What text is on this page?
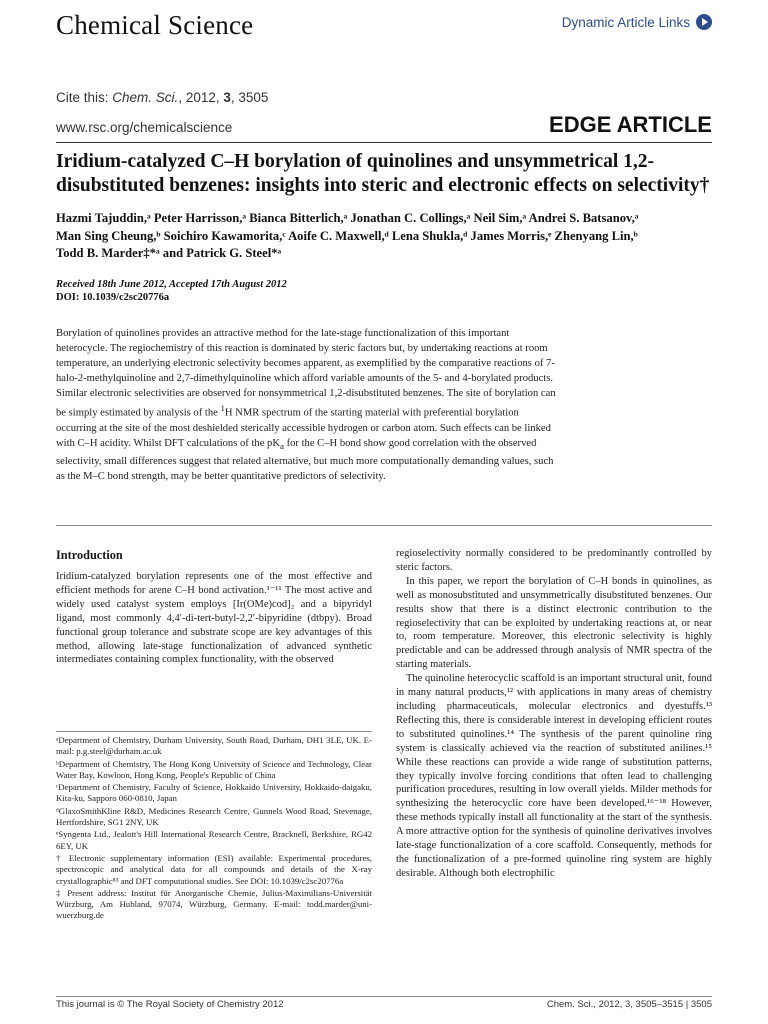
Chemical Science	Dynamic Article Links
Cite this: Chem. Sci., 2012, 3, 3505
www.rsc.org/chemicalscience	EDGE ARTICLE
Iridium-catalyzed C–H borylation of quinolines and unsymmetrical 1,2-
disubstituted benzenes: insights into steric and electronic effects on selectivity†

Hazmi Tajuddin,ᵃ Peter Harrisson,ᵃ Bianca Bitterlich,ᵃ Jonathan C. Collings,ᵃ Neil Sim,ᵃ Andrei S. Batsanov,ᵃ
Man Sing Cheung,ᵇ Soichiro Kawamorita,ᶜ Aoife C. Maxwell,ᵈ Lena Shukla,ᵈ James Morris,ᵉ Zhenyang Lin,ᵇ
Todd B. Marder‡*ᵃ and Patrick G. Steel*ᵃ

Received 18th June 2012, Accepted 17th August 2012
DOI: 10.1039/c2sc20776a

Borylation of quinolines provides an attractive method for the late-stage functionalization of this important heterocycle. The regiochemistry of this reaction is dominated by steric factors but, by undertaking reactions at room temperature, an underlying electronic selectivity becomes apparent, as exemplified by the comparative reactions of 7-halo-2-methylquinoline and 2,7-dimethylquinoline which afford variable amounts of the 5- and 4-borylated products. Similar electronic selectivities are observed for nonsymmetrical 1,2-disubstituted benzenes. The site of borylation can be simply estimated by analysis of the $^1$H NMR spectrum of the starting material with preferential borylation occurring at the site of the most deshielded sterically accessible hydrogen or carbon atom. Such effects can be linked with C–H acidity. Whilst DFT calculations of the $pK_a$ for the C–H bond show good correlation with the observed selectivity, small differences suggest that related alternative, but much more computationally demanding values, such as the M–C bond strength, may be better quantitative predictors of selectivity.

Introduction

Iridium-catalyzed borylation represents one of the most effective and efficient methods for arene C–H bond activation.¹⁻¹¹ The most active and widely used catalyst system employs [Ir(OMe)cod]₂ and a bipyridyl ligand, most commonly 4,4′-di-tert-butyl-2,2′-bipyridine (dtbpy). Broad functional group tolerance and substrate scope are key advantages of this method, allowing late-stage functionalization of advanced synthetic intermediates containing complex functionality, with the observed

ᵃDepartment of Chemistry, Durham University, South Road, Durham, DH1 3LE, UK. E-mail: p.g.steel@durham.ac.uk

ᵇDepartment of Chemistry, The Hong Kong University of Science and Technology, Clear Water Bay, Kowloon, Hong Kong, People's Republic of China

ᶜDepartment of Chemistry, Faculty of Science, Hokkaido University, Hokkaido-daigaku, Kita-ku, Sapporo 060-0810, Japan

ᵈGlaxoSmithKline R&D, Medicines Research Centre, Gunnels Wood Road, Stevenage, Hertfordshire, SG1 2NY, UK

ᵉSyngenta Ltd., Jealott's Hill International Research Centre, Bracknell, Berkshire, RG42 6EY, UK

† Electronic supplementary information (ESI) available: Experimental procedures, spectroscopic and analytical data for all compounds and details of the X-ray crystallographic⁸³ and DFT computational studies. See DOI: 10.1039/c2sc20776a

‡ Present address: Institut für Anorganische Chemie, Julius-Maximilians-Universität Würzburg, Am Hubland, 97074, Würzburg, Germany. E-mail: todd.marder@uni-wuerzburg.de

regioselectivity normally considered to be predominantly controlled by steric factors.

In this paper, we report the borylation of C–H bonds in quinolines, as well as monosubstituted and unsymmetrically disubstituted benzenes. Our results show that there is a distinct electronic contribution to the regioselectivity that can be exploited by undertaking reactions at, or near to, room temperature. Moreover, this electronic selectivity is highly predictable and can be addressed through analysis of NMR spectra of the starting materials.

The quinoline heterocyclic scaffold is an important structural unit, found in many natural products,¹² with applications in many areas of chemistry including pharmaceuticals, molecular electronics and dyestuffs.¹³ Reflecting this, there is considerable interest in developing efficient routes to substituted quinolines.¹⁴ The synthesis of the parent quinoline ring system is classically achieved via the reaction of substituted anilines.¹⁵ While these reactions can provide a wide range of substitution patterns, they typically involve forcing conditions that often lead to challenging purification procedures, resulting in low overall yields. Milder methods for synthesizing the heterocyclic core have been developed.¹⁶⁻¹⁸ However, these methods typically install all functionality at the start of the synthesis. A more attractive option for the synthesis of quinoline derivatives involves late-stage functionalization of a core scaffold. Consequently, methods for the functionalization of a pre-formed quinoline ring system are highly desirable. Although both electrophilic

This journal is © The Royal Society of Chemistry 2012	Chem. Sci., 2012, 3, 3505–3515 | 3505
